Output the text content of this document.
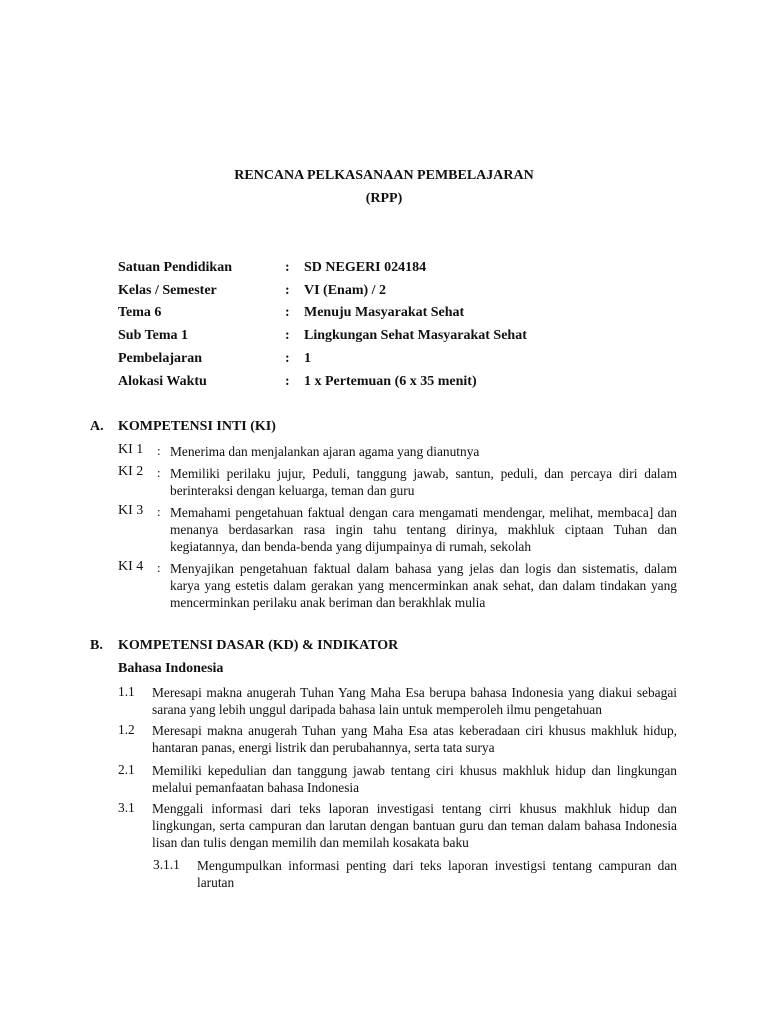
RENCANA PELKASANAAN PEMBELAJARAN
(RPP)
Satuan Pendidikan	: SD NEGERI 024184
Kelas / Semester	: VI (Enam) / 2
Tema 6	: Menuju Masyarakat Sehat
Sub Tema 1	: Lingkungan Sehat Masyarakat Sehat
Pembelajaran	: 1
Alokasi Waktu	: 1 x Pertemuan (6 x 35 menit)
A. KOMPETENSI INTI (KI)
KI 1 : Menerima dan menjalankan ajaran agama yang dianutnya
KI 2 : Memiliki perilaku jujur, Peduli, tanggung jawab, santun, peduli, dan percaya diri dalam berinteraksi dengan keluarga, teman dan guru
KI 3 : Memahami pengetahuan faktual dengan cara mengamati mendengar, melihat, membaca] dan menanya berdasarkan rasa ingin tahu tentang dirinya, makhluk ciptaan Tuhan dan kegiatannya, dan benda-benda yang dijumpainya di rumah, sekolah
KI 4 : Menyajikan pengetahuan faktual dalam bahasa yang jelas dan logis dan sistematis, dalam karya yang estetis dalam gerakan yang mencerminkan anak sehat, dan dalam tindakan yang mencerminkan perilaku anak beriman dan berakhlak mulia
B. KOMPETENSI DASAR (KD) & INDIKATOR
Bahasa Indonesia
1.1 Meresapi makna anugerah Tuhan Yang Maha Esa berupa bahasa Indonesia yang diakui sebagai sarana yang lebih unggul daripada bahasa lain untuk memperoleh ilmu pengetahuan
1.2 Meresapi makna anugerah Tuhan yang Maha Esa atas keberadaan ciri khusus makhluk hidup, hantaran panas, energi listrik dan perubahannya, serta tata surya
2.1 Memiliki kepedulian dan tanggung jawab tentang ciri khusus makhluk hidup dan lingkungan melalui pemanfaatan bahasa Indonesia
3.1 Menggali informasi dari teks laporan investigasi tentang cirri khusus makhluk hidup dan lingkungan, serta campuran dan larutan dengan bantuan guru dan teman dalam bahasa Indonesia lisan dan tulis dengan memilih dan memilah kosakata baku
3.1.1 Mengumpulkan informasi penting dari teks laporan investigsi tentang campuran dan larutan
